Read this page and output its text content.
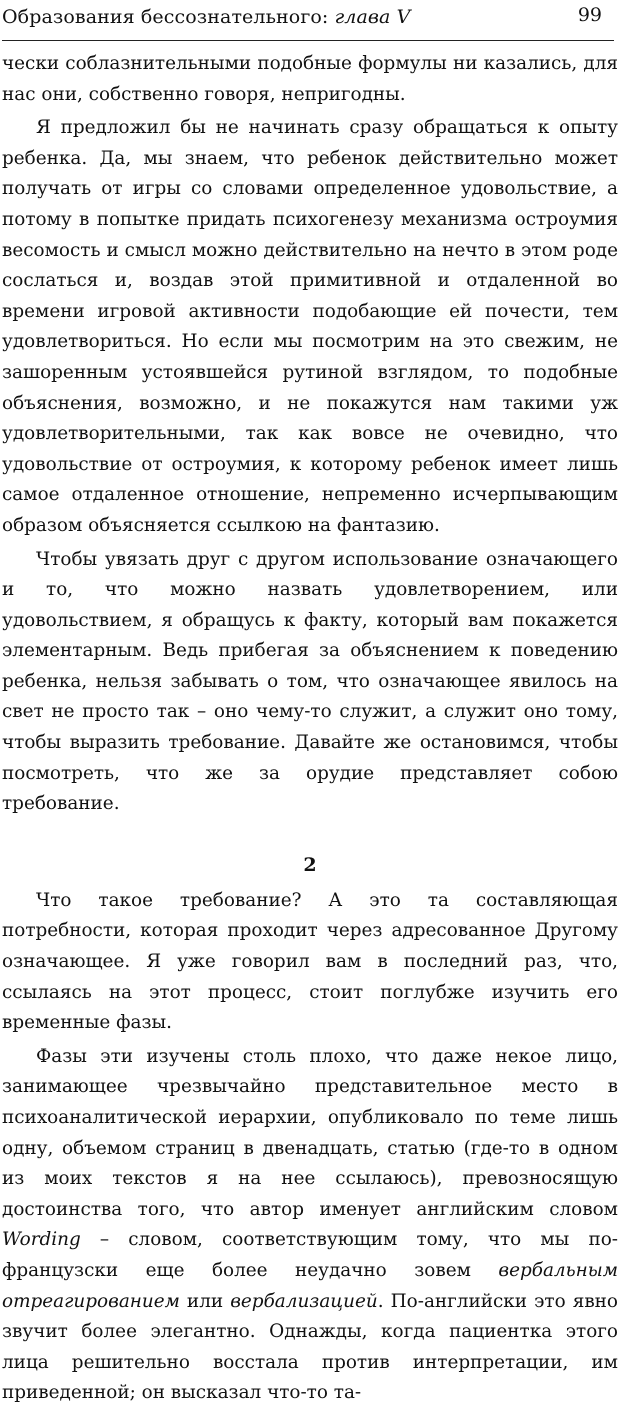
Образования бессознательного: глава V	99

чески соблазнительными подобные формулы ни казались, для нас они, собственно говоря, непригодны.

Я предложил бы не начинать сразу обращаться к опыту ребенка. Да, мы знаем, что ребенок действительно может получать от игры со словами определенное удовольствие, а потому в попытке придать психогенезу механизма остроумия весомость и смысл можно действительно на нечто в этом роде сослаться и, воздав этой примитивной и отдаленной во времени игровой активности подобающие ей почести, тем удовлетвориться. Но если мы посмотрим на это свежим, не зашоренным устоявшейся рутиной взглядом, то подобные объяснения, возможно, и не покажутся нам такими уж удовлетворительными, так как вовсе не очевидно, что удовольствие от остроумия, к которому ребенок имеет лишь самое отдаленное отношение, непременно исчерпывающим образом объясняется ссылкою на фантазию.

Чтобы увязать друг с другом использование означающего и то, что можно назвать удовлетворением, или удовольствием, я обращусь к факту, который вам покажется элементарным. Ведь прибегая за объяснением к поведению ребенка, нельзя забывать о том, что означающее явилось на свет не просто так – оно чему-то служит, а служит оно тому, чтобы выразить требование. Давайте же остановимся, чтобы посмотреть, что же за орудие представляет собою требование.

2

Что такое требование? А это та составляющая потребности, которая проходит через адресованное Другому означающее. Я уже говорил вам в последний раз, что, ссылаясь на этот процесс, стоит поглубже изучить его временные фазы.

Фазы эти изучены столь плохо, что даже некое лицо, занимающее чрезвычайно представительное место в психоаналитической иерархии, опубликовало по теме лишь одну, объемом страниц в двенадцать, статью (где-то в одном из моих текстов я на нее ссылаюсь), превозносящую достоинства того, что автор именует английским словом Wording – словом, соответствующим тому, что мы по-французски еще более неудачно зовем вербальным отреагированием или вербализацией. По-английски это явно звучит более элегантно. Однажды, когда пациентка этого лица решительно восстала против интерпретации, им приведенной; он высказал что-то та-
